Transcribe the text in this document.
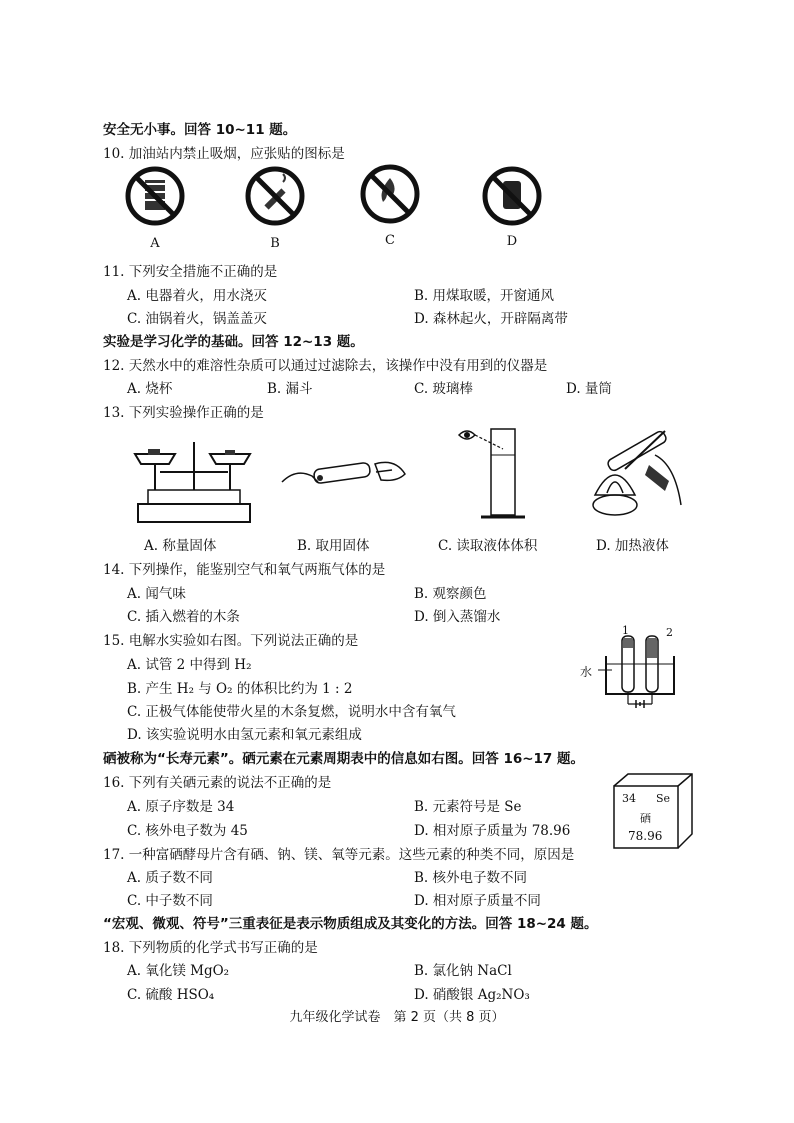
安全无小事。回答 10~11 题。
10. 加油站内禁止吸烟，应张贴的图标是
A	B	C	D
11. 下列安全措施不正确的是
A. 电器着火，用水浇灭	B. 用煤取暖，开窗通风
C. 油锅着火，锅盖盖灭	D. 森林起火，开辟隔离带
实验是学习化学的基础。回答 12~13 题。
12. 天然水中的难溶性杂质可以通过过滤除去，该操作中没有用到的仪器是
A. 烧杯	B. 漏斗	C. 玻璃棒	D. 量筒
13. 下列实验操作正确的是
A. 称量固体	B. 取用固体	C. 读取液体体积	D. 加热液体
14. 下列操作，能鉴别空气和氧气两瓶气体的是
A. 闻气味	B. 观察颜色
C. 插入燃着的木条	D. 倒入蒸馏水
15. 电解水实验如右图。下列说法正确的是
A. 试管 2 中得到 H₂
B. 产生 H₂ 与 O₂ 的体积比约为 1 : 2
C. 正极气体能使带火星的木条复燃，说明水中含有氧气
D. 该实验说明水由氢元素和氧元素组成
1	2
水
硒被称为“长寿元素”。硒元素在元素周期表中的信息如右图。回答 16~17 题。
16. 下列有关硒元素的说法不正确的是
A. 原子序数是 34	B. 元素符号是 Se
C. 核外电子数为 45	D. 相对原子质量为 78.96
34 Se
硒
78.96
17. 一种富硒酵母片含有硒、钠、镁、氧等元素。这些元素的种类不同，原因是
A. 质子数不同	B. 核外电子数不同
C. 中子数不同	D. 相对原子质量不同
“宏观、微观、符号”三重表征是表示物质组成及其变化的方法。回答 18~24 题。
18. 下列物质的化学式书写正确的是
A. 氧化镁 MgO₂	B. 氯化钠 NaCl
C. 硫酸 HSO₄	D. 硝酸银 Ag₂NO₃
九年级化学试卷　第 2 页（共 8 页）
